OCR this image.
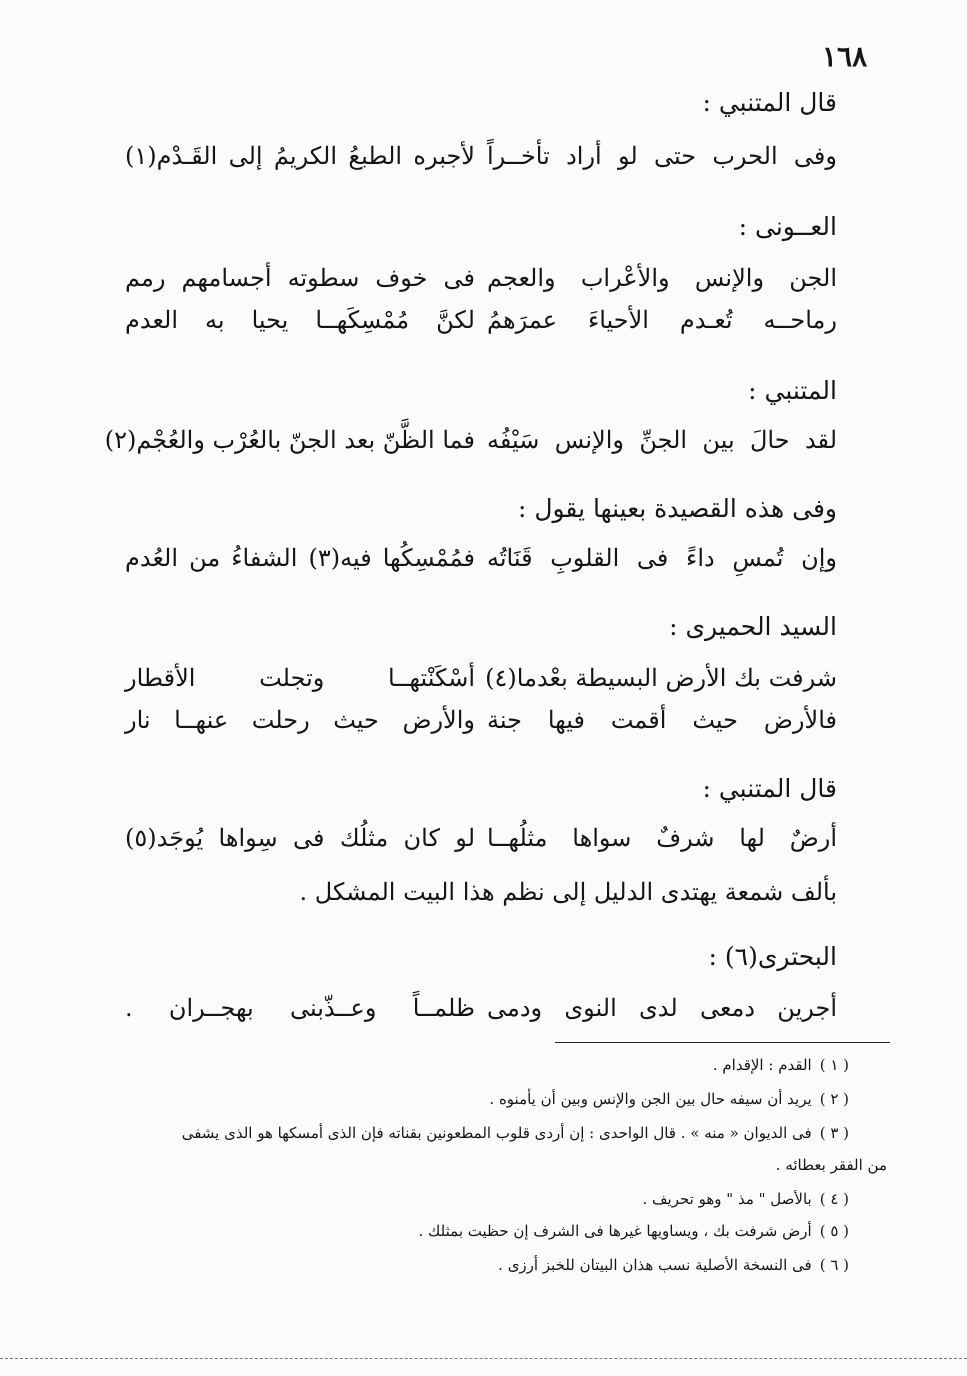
١٦٨
قال المتنبي :
وفى الحرب حتى لو أراد تأخــراً
لأجبره الطبعُ الكريمُ إلى القَـدْم(١)
العــونى :
الجن والإنس والأعْراب والعجم
فى خوف سطوته أجسامهم رمم
رماحــه تُعـدم الأحياءَ عمرَهمُ
لكنَّ مُمْسِكَهــا يحيا به العدم
المتنبي :
لقد حالَ بين الجنِّ والإنس سَيْفُه
فما الظَّنّ بعد الجنّ بالعُرْب والعُجْم(٢)
وفى هذه القصيدة بعينها يقول :
وإن تُمسِ داءً فى القلوبِ قَنَاتُه
فمُمْسِكُها فيه(٣) الشفاءُ من العُدم
السيد الحميرى :
شرفت بك الأرض البسيطة بعْدما(٤)
أسْكَنْتهــا وتجلت الأقطار
فالأرض حيث أقمت فيها جنة
والأرض حيث رحلت عنهــا نار
قال المتنبي :
أرضٌ لها شرفٌ سواها مثلُهــا
لو كان مثلُك فى سِواها يُوجَد(٥)
بألف شمعة يهتدى الدليل إلى نظم هذا البيت المشكل .
البحترى(٦) :
أجرين دمعى لدى النوى ودمى
ظلمــاً وعــذّبنى بهجــران .
( ١ )القدم : الإقدام .
( ٢ )يريد أن سيفه حال بين الجن والإنس وبين أن يأمنوه .
( ٣ )فى الديوان « منه » . قال الواحدى : إن أردى قلوب المطعونين بقناته فإن الذى أمسكها هو الذى يشفى
من الفقر بعطائه .
( ٤ )بالأصل " مذ " وهو تحريف .
( ٥ )أرض شرفت بك ، ويساويها غيرها فى الشرف إن حظيت بمثلك .
( ٦ )فى النسخة الأصلية نسب هذان البيتان للخبز أرزى .
